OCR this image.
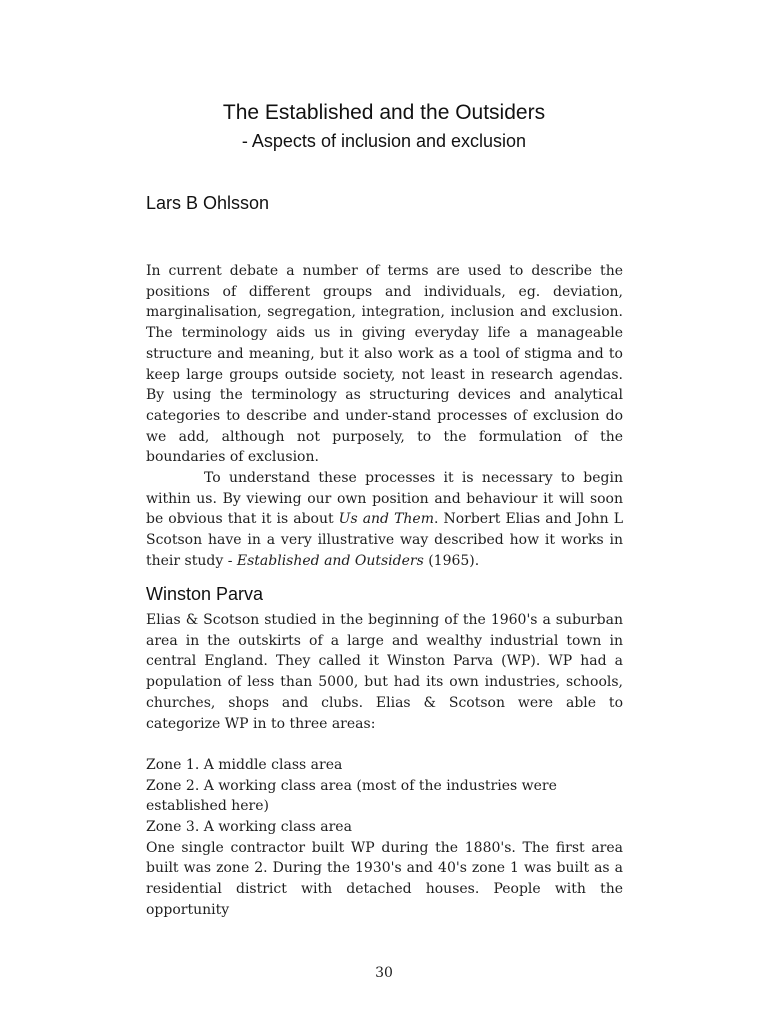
The Established and the Outsiders
- Aspects of inclusion and exclusion
Lars B Ohlsson

In current debate a number of terms are used to describe the positions of different groups and individuals, eg. deviation, marginalisation, segregation, integration, inclusion and exclusion. The terminology aids us in giving everyday life a manageable structure and meaning, but it also work as a tool of stigma and to keep large groups outside society, not least in research agendas. By using the terminology as structuring devices and analytical categories to describe and under-stand processes of exclusion do we add, although not purposely, to the formulation of the boundaries of exclusion.

To understand these processes it is necessary to begin within us. By viewing our own position and behaviour it will soon be obvious that it is about Us and Them. Norbert Elias and John L Scotson have in a very illustrative way described how it works in their study - Established and Outsiders (1965).

Winston Parva

Elias & Scotson studied in the beginning of the 1960's a suburban area in the outskirts of a large and wealthy industrial town in central England. They called it Winston Parva (WP). WP had a population of less than 5000, but had its own industries, schools, churches, shops and clubs. Elias & Scotson were able to categorize WP in to three areas:

Zone 1. A middle class area
Zone 2. A working class area (most of the industries were established here)
Zone 3. A working class area

One single contractor built WP during the 1880's. The first area built was zone 2. During the 1930's and 40's zone 1 was built as a residential district with detached houses. People with the opportunity

30
